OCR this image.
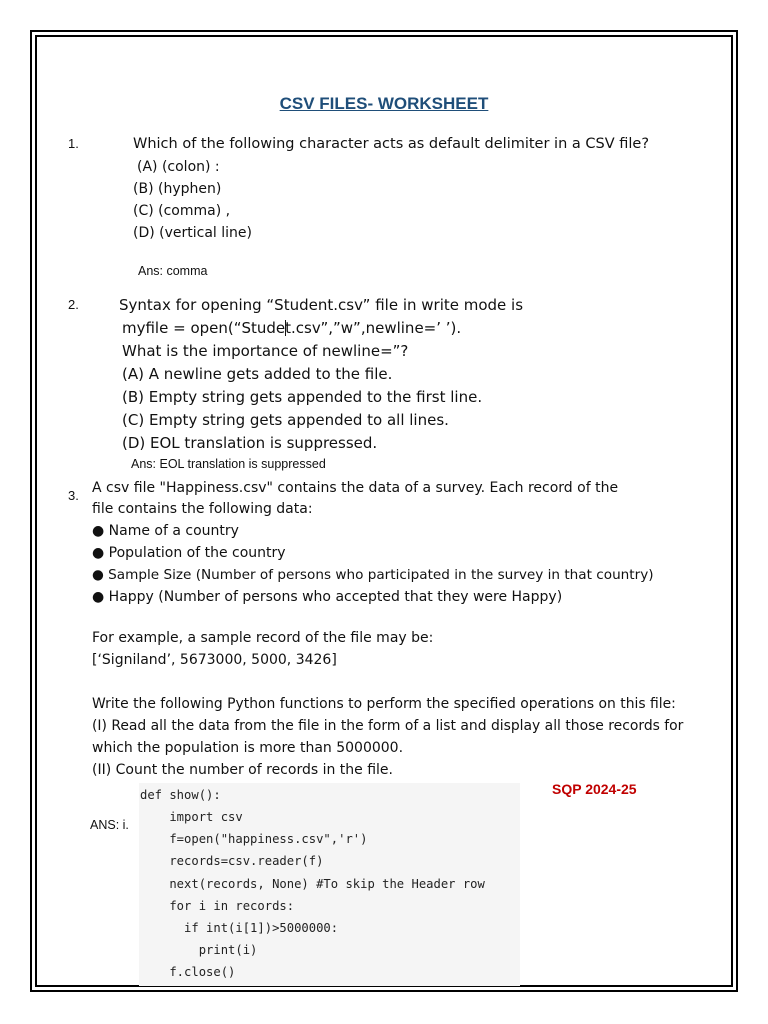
CSV FILES- WORKSHEET
1.	Which of the following character acts as default delimiter in a CSV file?
(A) (colon) :
(B) (hyphen)
(C) (comma) ,
(D) (vertical line)
Ans: comma
2.	Syntax for opening “Student.csv” file in write mode is
myfile = open(“Studet.csv”,”w”,newline=’ ’).
What is the importance of newline=”?
(A) A newline gets added to the file.
(B) Empty string gets appended to the first line.
(C) Empty string gets appended to all lines.
(D) EOL translation is suppressed.
Ans: EOL translation is suppressed
3. A csv file "Happiness.csv" contains the data of a survey. Each record of the
file contains the following data:
● Name of a country
● Population of the country
● Sample Size (Number of persons who participated in the survey in that country)
● Happy (Number of persons who accepted that they were Happy)
For example, a sample record of the file may be:
[‘Signiland’, 5673000, 5000, 3426]
Write the following Python functions to perform the specified operations on this file:
(I) Read all the data from the file in the form of a list and display all those records for
which the population is more than 5000000.
(II) Count the number of records in the file.
SQP 2024-25
ANS: i.
def show():
import csv
f=open("happiness.csv",'r')
records=csv.reader(f)
next(records, None) #To skip the Header row
for i in records:
if int(i[1])>5000000:
print(i)
f.close()
